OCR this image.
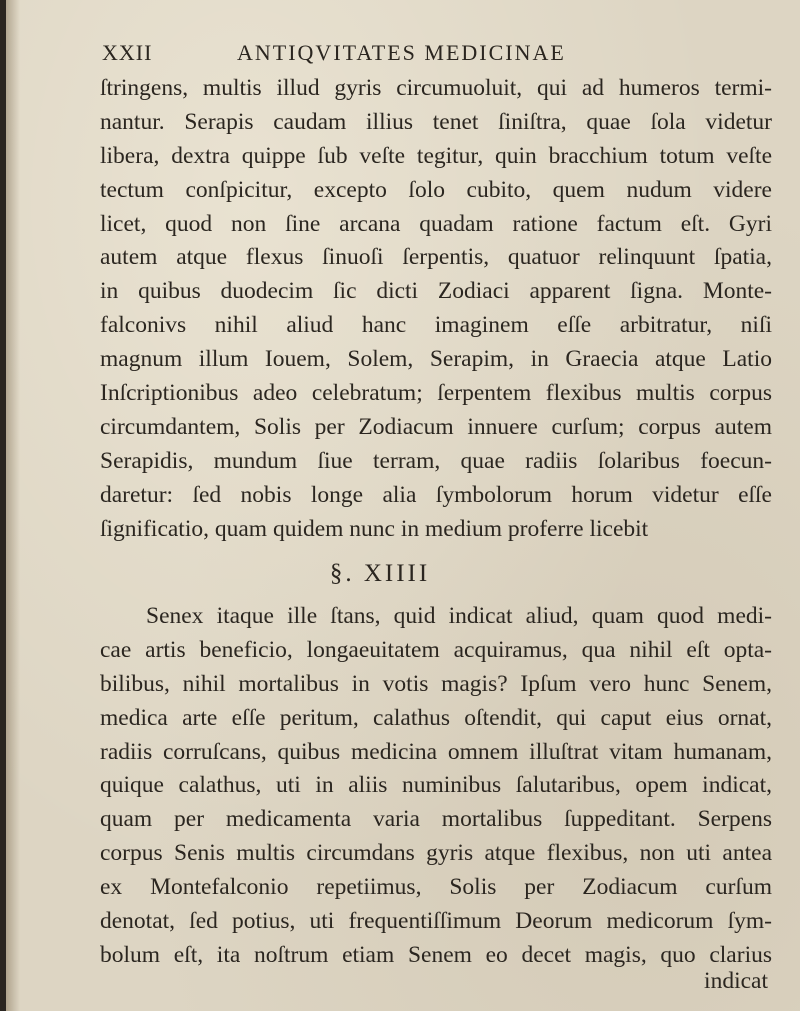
XXII	ANTIQVITATES MEDICINAE
ſtringens, multis illud gyris circumuoluit, qui ad humeros termi-
nantur. Serapis caudam illius tenet ſiniſtra, quae ſola videtur
libera, dextra quippe ſub veſte tegitur, quin bracchium totum veſte
tectum conſpicitur, excepto ſolo cubito, quem nudum videre
licet, quod non ſine arcana quadam ratione factum eſt. Gyri
autem atque flexus ſinuoſi ſerpentis, quatuor relinquunt ſpatia,
in quibus duodecim ſic dicti Zodiaci apparent ſigna. Monte-
falconivs nihil aliud hanc imaginem eſſe arbitratur, niſi
magnum illum Iouem, Solem, Serapim, in Graecia atque Latio
Inſcriptionibus adeo celebratum; ſerpentem flexibus multis corpus
circumdantem, Solis per Zodiacum innuere curſum; corpus autem
Serapidis, mundum ſiue terram, quae radiis ſolaribus foecun-
daretur: ſed nobis longe alia ſymbolorum horum videtur eſſe
ſignificatio, quam quidem nunc in medium proferre licebit
§. XIIII
Senex itaque ille ſtans, quid indicat aliud, quam quod medi-
cae artis beneficio, longaeuitatem acquiramus, qua nihil eſt opta-
bilibus, nihil mortalibus in votis magis? Ipſum vero hunc Senem,
medica arte eſſe peritum, calathus oſtendit, qui caput eius ornat,
radiis corruſcans, quibus medicina omnem illuſtrat vitam humanam,
quique calathus, uti in aliis numinibus ſalutaribus, opem indicat,
quam per medicamenta varia mortalibus ſuppeditant. Serpens
corpus Senis multis circumdans gyris atque flexibus, non uti antea
ex Montefalconio repetiimus, Solis per Zodiacum curſum
denotat, ſed potius, uti frequentiſſimum Deorum medicorum ſym-
bolum eſt, ita noſtrum etiam Senem eo decet magis, quo clarius
indicat
